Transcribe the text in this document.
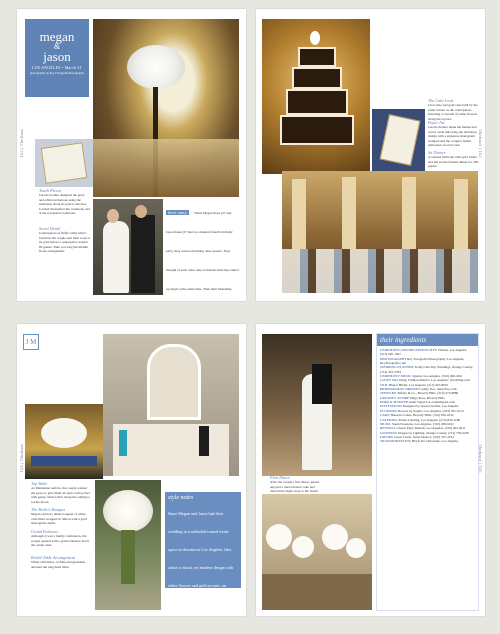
megan
&
jason
LOS ANGELES • March 31
photography by Roy Fotografia Photography
Touch Pieces
Jason's brother designed the gold-and-white invitations using the invitation about its gold to the bias. Carried throughout the ceremony and at the reception's ballroom.
Sweet Detail
Centerpieces of fluffy white baby's breath in the couple sent their roots to its gold before a centerpiece around 80 guests. Take you long the middle floral arrangement.
their story When Megan Rose (27 and Jason Kane (27 met on a mutual friend's birthday party, they were both dating other people. They thought of each other only as friends until they ended up single at the same time. Then their friendship
102 | TheKnot
The Cake Look
Chocolate and gold cake built by the same vendor as the centerpieces featuring a cascade of white flowers along the top tier.
Paper Art
Jason's mother made the menus and escort cards mirroring the invitation design with a signature monogram stamped and the couple's names embossed on each card.
Sit Dinner
A vaulted ballroom with gold chairs and tall arches framed dinner for 200 guests.
TheKnot | 103
J M
Top Table
As Manhattan natives, the couple wanted the space to give them an open rooftop feel with gauzy white fabric along the ceiling to set the mood.
The Bride's Bouquet
Megan carried a dense bouquet of white calla lilies wrapped in ribbon with a gold monogram charm.
Grand Entrance
Although it was a family celebration, the couple opened with a grand entrance down the center aisle.
Bridal Table Arrangement
White calla lilies, orchids and gardenias adorned the long head table.
style notes
Since Megan and Jason had their wedding in a cathedral-turned-event space in downtown Los Angeles, they chose a classic yet modern design with white flowers and gold accents, an elegant look that tied the evening
104 | TheKnot
First Dance
After the couple's first dance, guests enjoyed a tiered dessert cake and danced the night away to the band's
their ingredients
CEREMONY AND RECEPTION SITE Vibiana, Los Angeles, (213) 626-1507
PHOTOGRAPHY Roy Fotografia Photography, Los Angeles, RoyFotografia.com
WEDDING PLANNER Today's the Day Weddings, Orange County, (714) 393-3783
CEREMONY MUSIC Quartet Los Angeles, (310) 490-4321
GOWN Vera Wang, Fashion District, Los Angeles, VeraWang.com
VEIL Blanca Bridal, Los Angeles, (213) 463-8001
BRIDESMAIDS' DRESSES Jenny Yoo, JennyYoo.com
JEWELRY Tiffany & Co., Beverly Hills, (310) 273-8880
GROOM'S ATTIRE Hugo Boss, Beverly Hills
HAIR & MAKEUP Glam Squad LA, GlamSquad.com
INVITATIONS Designed by Jason's brother, Los Angeles
FLOWERS Flowers by Sophia, Los Angeles, (323) 785-1010
CAKE Hansen's Cakes, Beverly Hills, (310) 936-4332
CATERING Patina Catering, Los Angeles, (213) 830-1180
MUSIC Sound Sessions, Los Angeles, (310) 458-9222
RENTALS Classic Party Rentals, Los Angeles, (310) 202-0011
LIGHTING Images by Lighting, Orange County, (714) 739-0230
FAVORS Sweet Treats, Santa Monica, (310) 555-3434
TRANSPORTATION Black Tie Limousine, Los Angeles
TheKnot | 105
